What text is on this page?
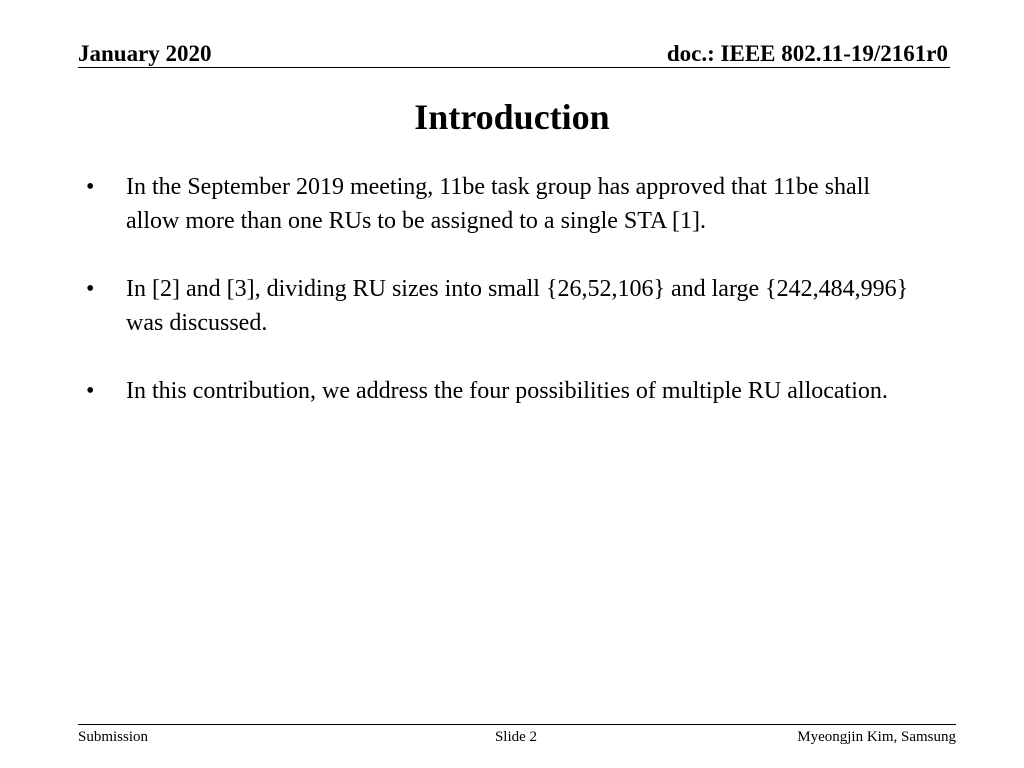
January 2020	doc.: IEEE 802.11-19/2161r0
Introduction
• In the September 2019 meeting, 11be task group has approved that 11be shall allow more than one RUs to be assigned to a single STA [1].
• In [2] and [3], dividing RU sizes into small {26,52,106} and large {242,484,996} was discussed.
• In this contribution, we address the four possibilities of multiple RU allocation.
Submission	Slide 2	Myeongjin Kim, Samsung
